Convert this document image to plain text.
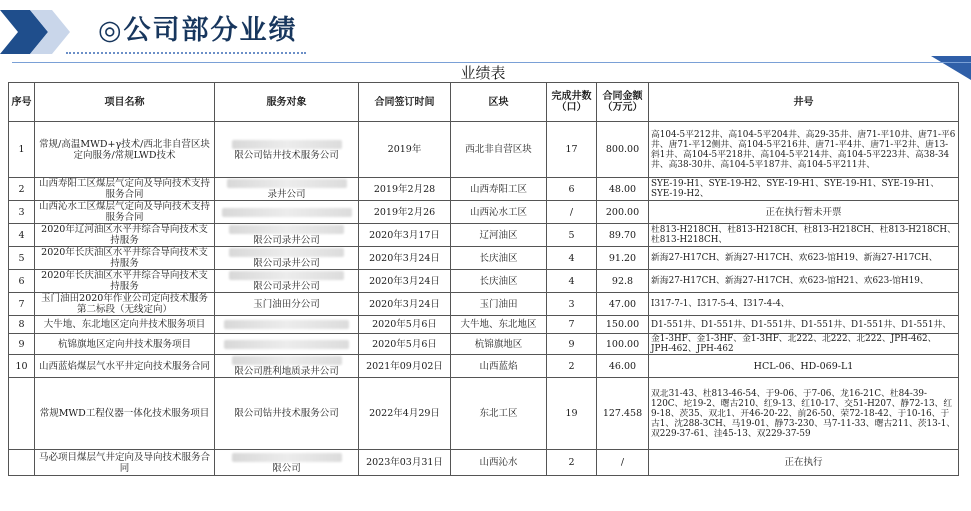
◎公司部分业绩
业绩表
序号	项目名称	服务对象	合同签订时间	区块	完成井数（口）	合同金额（万元）	井号
1	常规/高温MWD+γ技术/西北非自营区块定向服务/常规LWD技术	限公司钻井技术服务公司	2019年	西北非自营区块	17	800.00	高104-5平212井、高104-5平204井、高29-35井、唐71-平10井、唐71-平6井、唐71-平12侧井、高104-5平216井、唐71-平4井、唐71-平2井、唐13-斜1井、高104-5平218井、高104-5平214井、高104-5平223井、高38-34井、高38-30井、高104-5平187井、高104-5平211井、
2	山西寿阳工区煤层气定向及导向技术支持服务合同	录井公司	2019年2月28	山西寿阳工区	6	48.00	SYE-19-H1、SYE-19-H2、SYE-19-H1、SYE-19-H1、SYE-19-H1、SYE-19-H2、
3	山西沁水工区煤层气定向及导向技术支持服务合同		2019年2月26	山西沁水工区	/	200.00	正在执行暂未开票
4	2020年辽河油区水平井综合导向技术支持服务	限公司录井公司	2020年3月17日	辽河油区	5	89.70	杜813-H218CH、杜813-H218CH、杜813-H218CH、杜813-H218CH、杜813-H218CH、
5	2020年长庆油区水平井综合导向技术支持服务	限公司录井公司	2020年3月24日	长庆油区	4	91.20	新海27-H17CH、新海27-H17CH、欢623-馆H19、新海27-H17CH、
6	2020年长庆油区水平井综合导向技术支持服务	限公司录井公司	2020年3月24日	长庆油区	4	92.8	新海27-H17CH、新海27-H17CH、欢623-馆H21、欢623-馆H19、
7	玉门油田2020年作业公司定向技术服务第二标段（无线定向）	玉门油田分公司	2020年3月24日	玉门油田	3	47.00	I317-7-1、I317-5-4、I317-4-4、
8	大牛地、东北地区定向井技术服务项目		2020年5月6日	大牛地、东北地区	7	150.00	D1-551井、D1-551井、D1-551井、D1-551井、D1-551井、D1-551井、
9	杭锦旗地区定向井技术服务项目		2020年5月6日	杭锦旗地区	9	100.00	金1-3HF、金1-3HF、金1-3HF、北222、北222、北222、JPH-462、JPH-462、JPH-462
10	山西蓝焰煤层气水平井定向技术服务合同	限公司胜利地质录井公司	2021年09月02日	山西蓝焰	2	46.00	HCL-06、HD-069-L1
	常规MWD工程仪器一体化技术服务项目	限公司钻井技术服务公司	2022年4月29日	东北工区	19	127.458	双北31-43、杜813-46-54、于9-06、于7-06、龙16-21C、杜84-39-120C、坨19-2、曙古210、红9-13、红10-17、交51-H207、静72-13、红9-18、茨35、双北1、开46-20-22、前26-50、荣72-18-42、于10-16、于古1、沈288-3CH、马19-01、静73-230、马7-11-33、曙古211、茨13-1、双229-37-61、洼45-13、双229-37-59
	马必项目煤层气井定向及导向技术服务合同	限公司	2023年03月31日	山西沁水	2	/	正在执行
